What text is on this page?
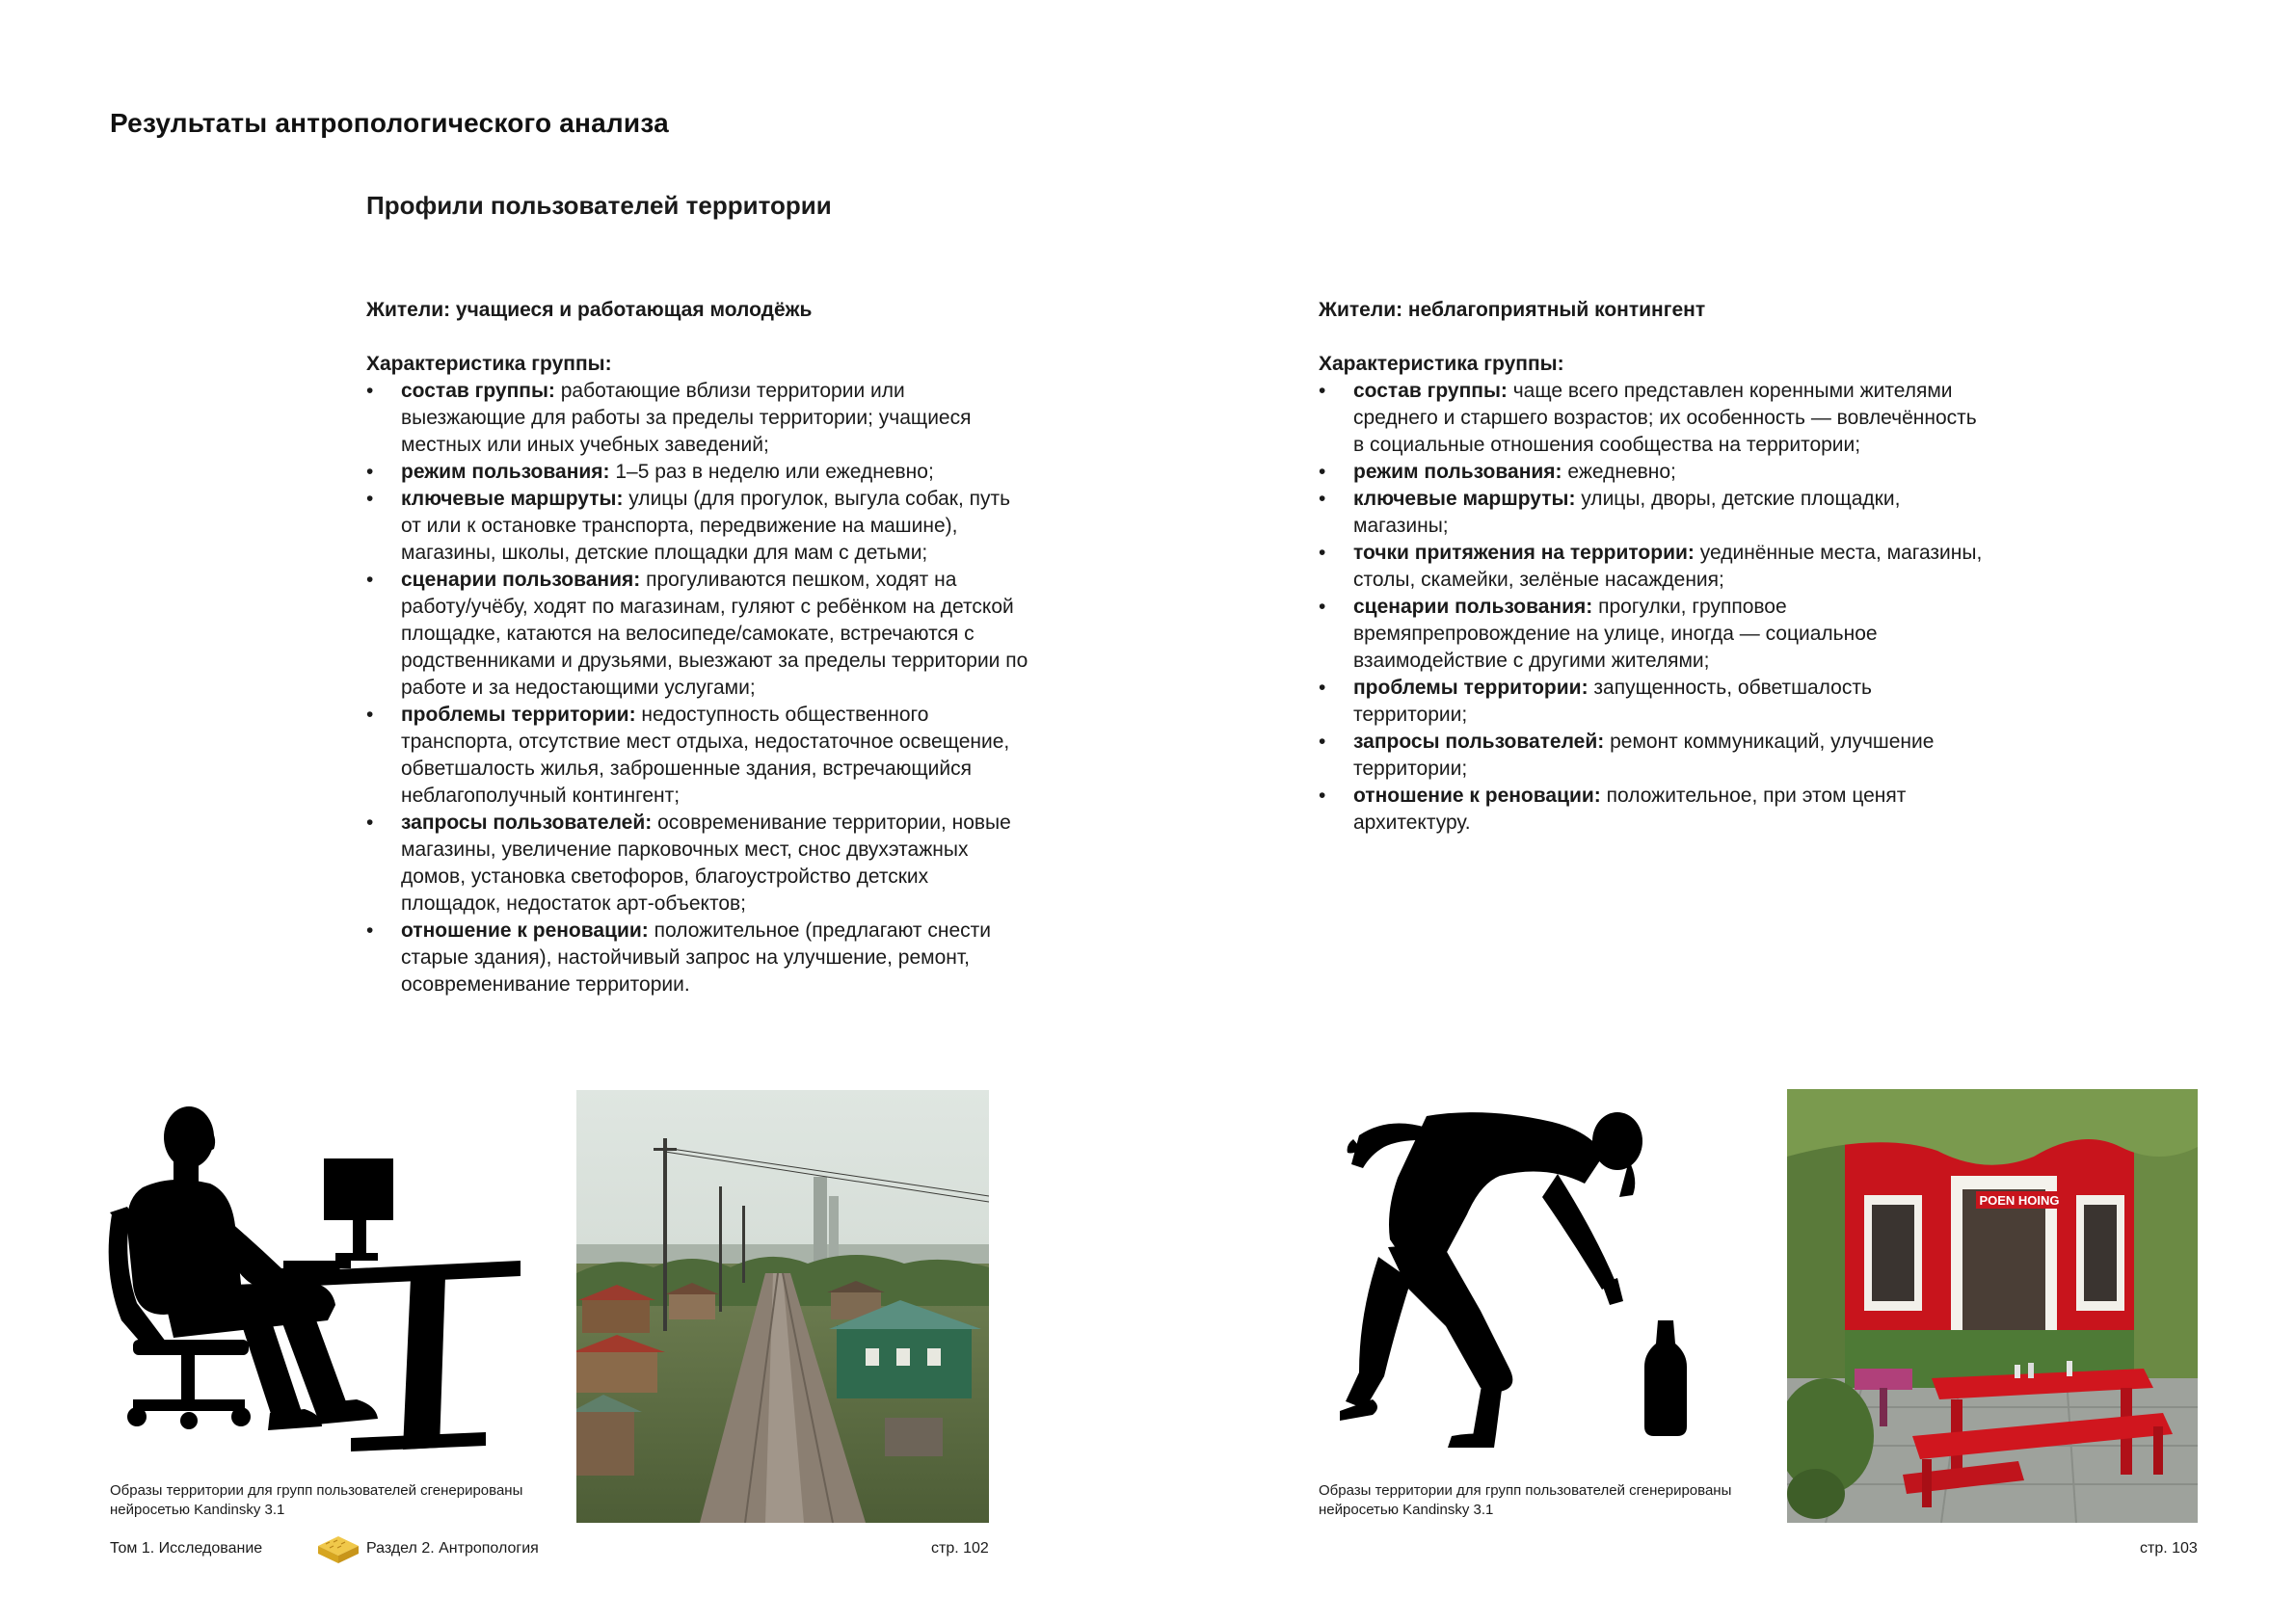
Результаты антропологического анализа
Профили пользователей территории

Жители: учащиеся и работающая молодёжь

Характеристика группы:

• состав группы: работающие вблизи территории или выезжающие для работы за пределы территории; учащиеся местных или иных учебных заведений;
• режим пользования: 1–5 раз в неделю или ежедневно;
• ключевые маршруты: улицы (для прогулок, выгула собак, путь от или к остановке транспорта, передвижение на машине), магазины, школы, детские площадки для мам с детьми;
• сценарии пользования: прогуливаются пешком, ходят на работу/учёбу, ходят по магазинам, гуляют с ребёнком на детской площадке, катаются на велосипеде/самокате, встречаются с родственниками и друзьями, выезжают за пределы территории по работе и за недостающими услугами;
• проблемы территории: недоступность общественного транспорта, отсутствие мест отдыха, недостаточное освещение, обветшалость жилья, заброшенные здания, встречающийся неблагополучный контингент;
• запросы пользователей: осовременивание территории, новые магазины, увеличение парковочных мест, снос двухэтажных домов, установка светофоров, благоустройство детских площадок, недостаток арт-объектов;
• отношение к реновации: положительное (предлагают снести старые здания), настойчивый запрос на улучшение, ремонт, осовременивание территории.

Жители: неблагоприятный контингент

Характеристика группы:

• состав группы: чаще всего представлен коренными жителями среднего и старшего возрастов; их особенность — вовлечённость в социальные отношения сообщества на территории;
• режим пользования: ежедневно;
• ключевые маршруты: улицы, дворы, детские площадки, магазины;
• точки притяжения на территории: уединённые места, магазины, столы, скамейки, зелёные насаждения;
• сценарии пользования: прогулки, групповое времяпрепровождение на улице, иногда — социальное взаимодействие с другими жителями;
• проблемы территории: запущенность, обветшалость территории;
• запросы пользователей: ремонт коммуникаций, улучшение территории;
• отношение к реновации: положительное, при этом ценят архитектуру.
POEN HOING
Образы территории для групп пользователей сгенерированы нейросетью Kandinsky 3.1
Образы территории для групп пользователей сгенерированы нейросетью Kandinsky 3.1
Том 1. Исследование	Раздел 2. Антропология	стр. 102	стр. 103
